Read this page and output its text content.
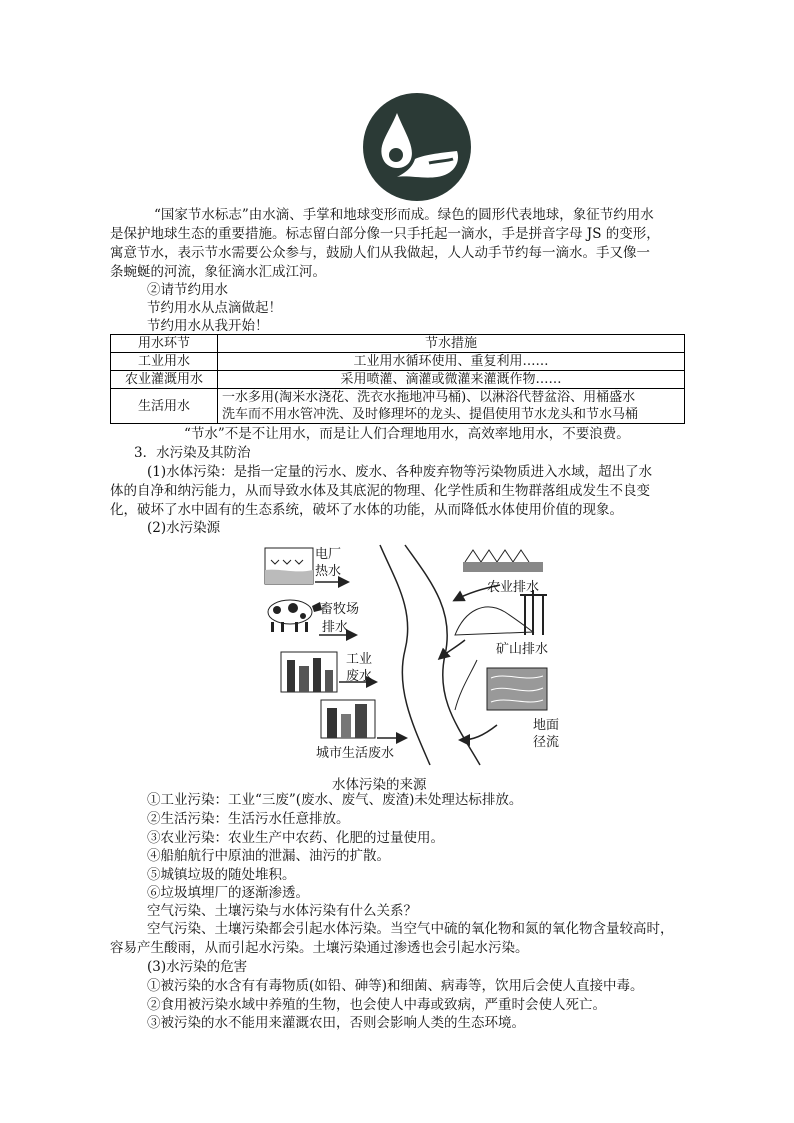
“国家节水标志”由水滴、手掌和地球变形而成。绿色的圆形代表地球，象征节约用水
是保护地球生态的重要措施。标志留白部分像一只手托起一滴水，手是拼音字母 JS 的变形，
寓意节水，表示节水需要公众参与，鼓励人们从我做起，人人动手节约每一滴水。手又像一
条蜿蜒的河流，象征滴水汇成江河。
②请节约用水
节约用水从点滴做起！
节约用水从我开始！
用水环节	节水措施
工业用水	工业用水循环使用、重复利用……
农业灌溉用水	采用喷灌、滴灌或微灌来灌溉作物……
生活用水	一水多用(淘米水浇花、洗衣水拖地冲马桶)、以淋浴代替盆浴、用桶盛水
洗车而不用水管冲洗、及时修理坏的龙头、提倡使用节水龙头和节水马桶
“节水”不是不让用水，而是让人们合理地用水，高效率地用水，不要浪费。
3．水污染及其防治
(1)水体污染：是指一定量的污水、废水、各种废弃物等污染物质进入水域，超出了水
体的自净和纳污能力，从而导致水体及其底泥的物理、化学性质和生物群落组成发生不良变
化，破坏了水中固有的生态系统，破坏了水体的功能，从而降低水体使用价值的现象。
(2)水污染源
电厂
热水
畜牧场
排水
工业
废水
城市生活废水
农业排水
矿山排水
地面
径流
水体污染的来源
①工业污染：工业“三废”(废水、废气、废渣)未处理达标排放。
②生活污染：生活污水任意排放。
③农业污染：农业生产中农药、化肥的过量使用。
④船舶航行中原油的泄漏、油污的扩散。
⑤城镇垃圾的随处堆积。
⑥垃圾填埋厂的逐渐渗透。
空气污染、土壤污染与水体污染有什么关系？
空气污染、土壤污染都会引起水体污染。当空气中硫的氧化物和氮的氧化物含量较高时，
容易产生酸雨，从而引起水污染。土壤污染通过渗透也会引起水污染。
(3)水污染的危害
①被污染的水含有有毒物质(如铅、砷等)和细菌、病毒等，饮用后会使人直接中毒。
②食用被污染水域中养殖的生物，也会使人中毒或致病，严重时会使人死亡。
③被污染的水不能用来灌溉农田，否则会影响人类的生态环境。
